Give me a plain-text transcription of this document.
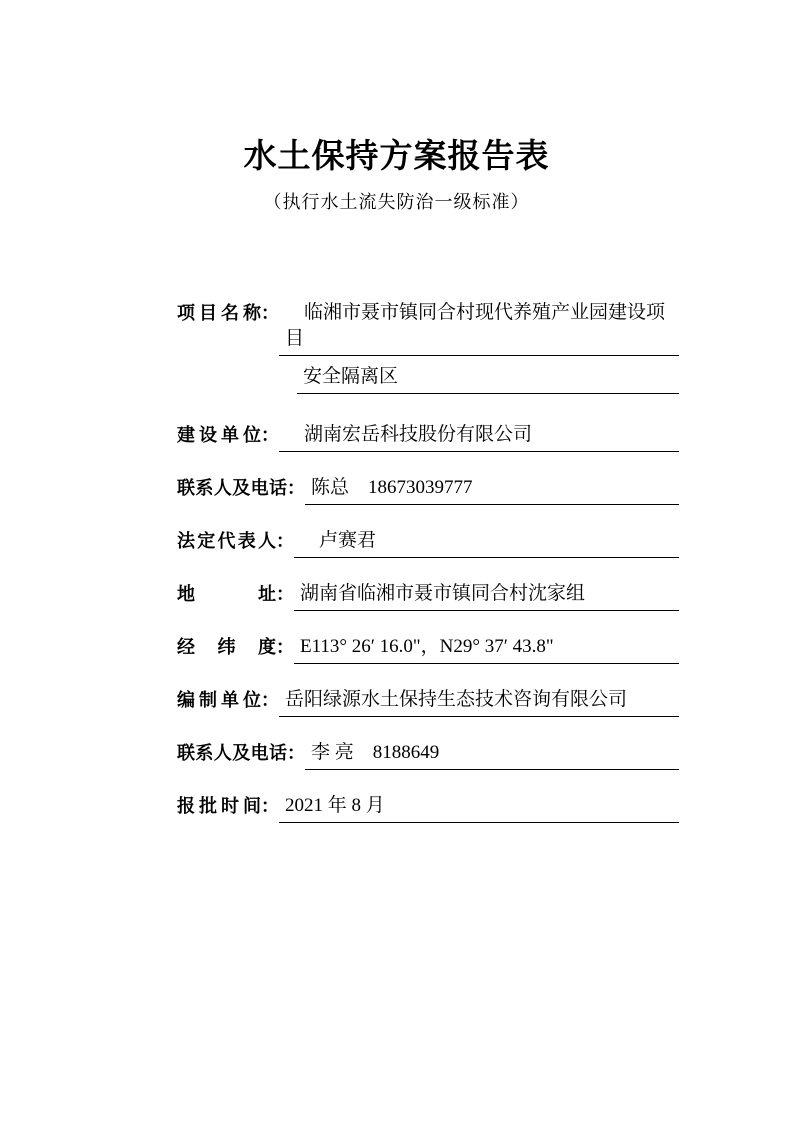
水土保持方案报告表
（执行水土流失防治一级标准）
项目名称 ： 　临湘市聂市镇同合村现代养殖产业园建设项目
安全隔离区
建设单位 ： 　湖南宏岳科技股份有限公司
联系人及电话 ： 陈总　18673039777
法定代表人 ： 　卢赛君
地址 ： 湖南省临湘市聂市镇同合村沈家组
经纬度 ： E113° 26′ 16.0"，N29° 37′ 43.8"
编制单位 ： 岳阳绿源水土保持生态技术咨询有限公司
联系人及电话 ： 李 亮　8188649
报批时间 ： 2021 年 8 月
